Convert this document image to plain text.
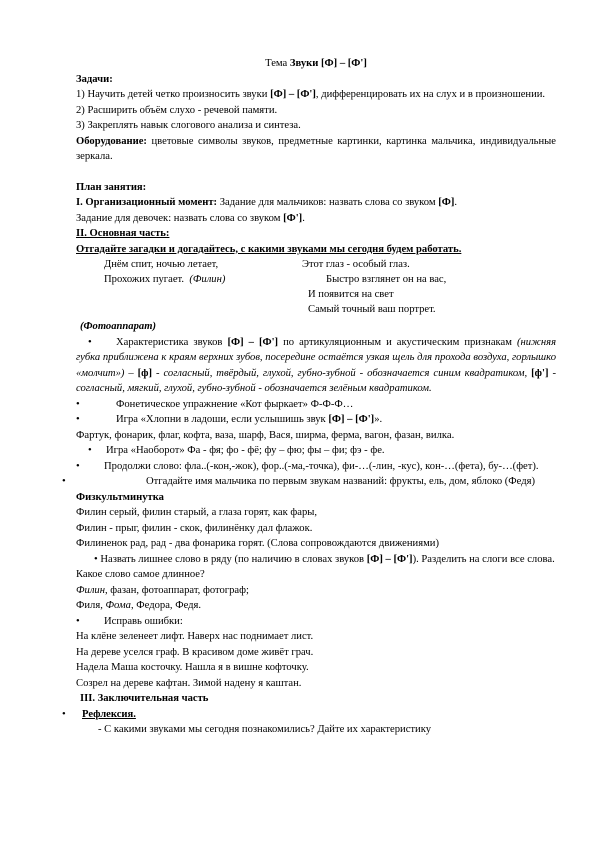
Тема Звуки [Ф] – [Ф']

Задачи:

1) Научить детей четко произносить звуки [Ф] – [Ф'], дифференцировать их на слух и в произношении.

2) Расширить объём слухо - речевой памяти.

3) Закреплять навык слогового анализа и синтеза.

Оборудование: цветовые символы звуков, предметные картинки, картинка мальчика, индивидуальные зеркала.

План занятия:

I. Организационный момент: Задание для мальчиков: назвать слова со звуком [Ф].

Задание для девочек: назвать слова со звуком [Ф'].

II. Основная часть:

Отгадайте загадки и догадайтесь, с какими звуками мы сегодня будем работать.

Днём спит, ночью летает,
Прохожих пугает. (Филин)
Этот глаз - особый глаз.
Быстро взглянет он на вас,
И появится на свет
Самый точный ваш портрет.

(Фотоаппарат)

• Характеристика звуков [Ф] – [Ф'] по артикуляционным и акустическим признакам (нижняя губка приближена к краям верхних зубов, посередине остаётся узкая щель для прохода воздуха, горлышко «молчит») – [ф] - согласный, твёрдый, глухой, губно-зубной - обозначается синим квадратиком, [ф'] - согласный, мягкий, глухой, губно-зубной - обозначается зелёным квадратиком.

•	Фонетическое упражнение «Кот фыркает» Ф-Ф-Ф…

•	Игра «Хлопни в ладоши, если услышишь звук [Ф] – [Ф']».

Фартук, фонарик, флаг, кофта, ваза, шарф, Вася, ширма, ферма, вагон, фазан, вилка.

• Игра «Наоборот» Фа - фя; фо - фё; фу – фю; фы – фи; фэ - фе.

• Продолжи слово: фла..(-кон,-жок), фор..(-ма,-точка), фи-…(-лин, -кус), кон-…(фета), бу-…(фет).

•	Отгадайте имя мальчика по первым звукам названий: фрукты, ель, дом, яблоко (Федя)

Физкультминутка

Филин серый, филин старый, а глаза горят, как фары,

Филин - прыг, филин - скок, филинёнку дал флажок.

Филиненок рад, рад - два фонарика горят. (Слова сопровождаются движениями)

• Назвать лишнее слово в ряду (по наличию в словах звуков [Ф] – [Ф']). Разделить на слоги все слова. Какое слово самое длинное?

Филин, фазан, фотоаппарат, фотограф;

Филя, Фома, Федора, Федя.

• Исправь ошибки:

На клёне зеленеет лифт. Наверх нас поднимает лист.

На дереве уселся граф. В красивом доме живёт грач.

Надела Маша косточку. Нашла я в вишне кофточку.

Созрел на дереве кафтан. Зимой надену я каштан.

III. Заключительная часть

• Рефлексия.

- С какими звуками мы сегодня познакомились? Дайте их характеристику
